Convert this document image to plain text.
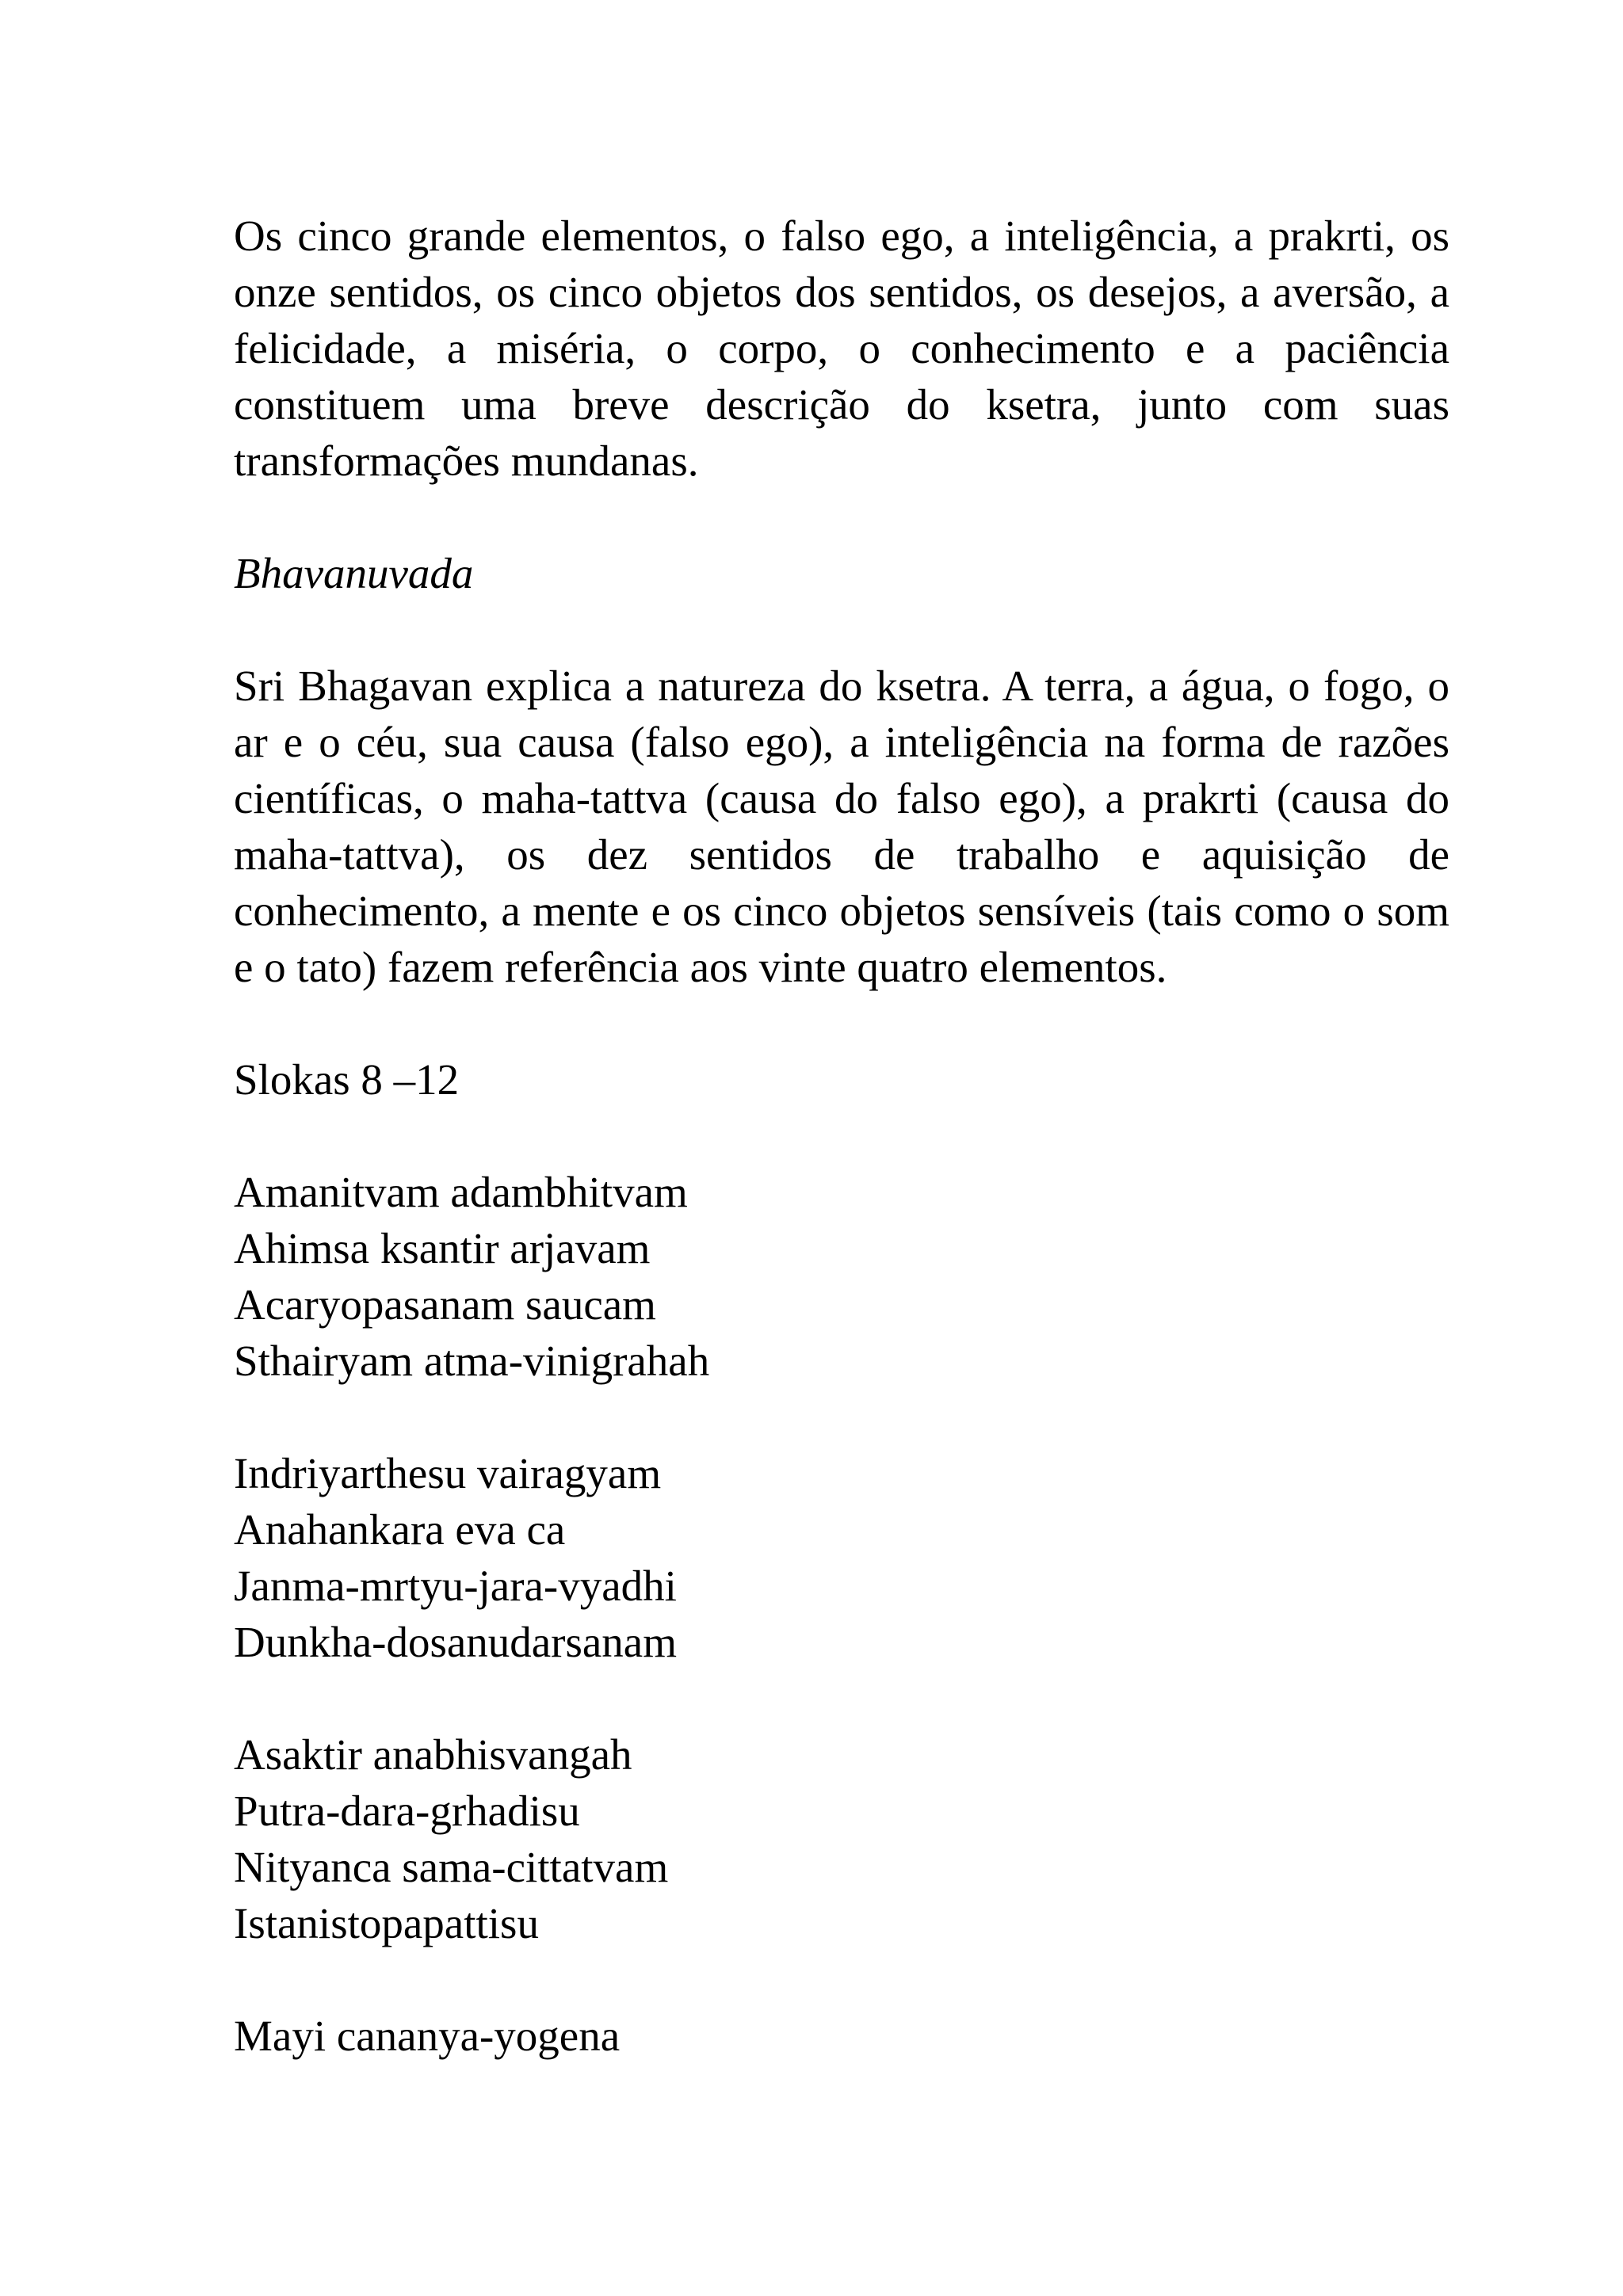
Os cinco grande elementos, o falso ego, a inteligência, a prakrti, os onze sentidos, os cinco objetos dos sentidos, os desejos, a aversão, a felicidade, a miséria, o corpo, o conhecimento e a paciência constituem uma breve descrição do ksetra, junto com suas transformações mundanas.

Bhavanuvada

Sri Bhagavan explica a natureza do ksetra. A terra, a água, o fogo, o ar e o céu, sua causa (falso ego), a inteligência na forma de razões científicas, o maha-tattva (causa do falso ego), a prakrti (causa do maha-tattva), os dez sentidos de trabalho e aquisição de conhecimento, a mente e os cinco objetos sensíveis (tais como o som e o tato) fazem referência aos vinte quatro elementos.

Slokas 8 –12

Amanitvam adambhitvam
Ahimsa ksantir arjavam
Acaryopasanam saucam
Sthairyam atma-vinigrahah
Indriyarthesu vairagyam
Anahankara eva ca
Janma-mrtyu-jara-vyadhi
Dunkha-dosanudarsanam
Asaktir anabhisvangah
Putra-dara-grhadisu
Nityanca sama-cittatvam
Istanistopapattisu
Mayi cananya-yogena
